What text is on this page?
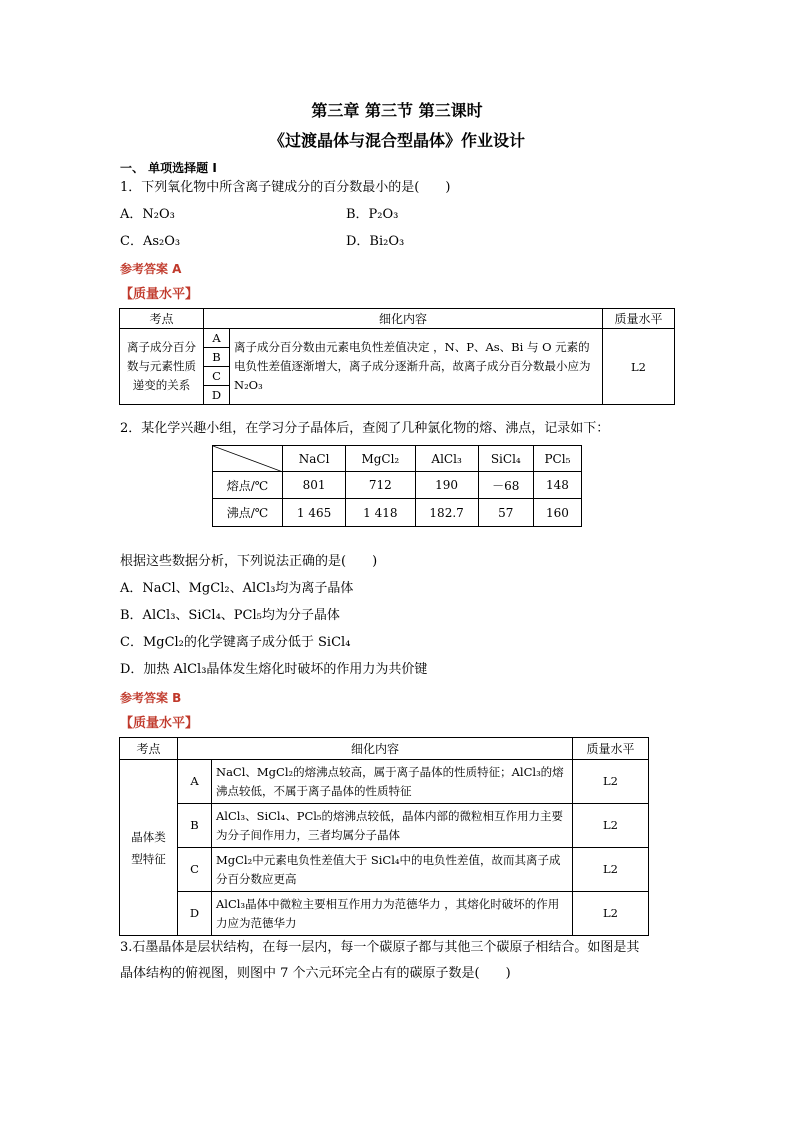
第三章 第三节 第三课时
《过渡晶体与混合型晶体》作业设计
一、 单项选择题 I
1．下列氧化物中所含离子键成分的百分数最小的是(　　)
A．N₂O₃	B．P₂O₃
C．As₂O₃	D．Bi₂O₃
参考答案 A
【质量水平】
考点	细化内容		质量水平
离子成分百分数与元素性质递变的关系	A	离子成分百分数由元素电负性差值决定 ，N、P、As、Bi 与 O 元素的电负性差值逐渐增大，离子成分逐渐升高，故离子成分百分数最小应为 N₂O₃	L2
	B		
	C		
	D		
2．某化学兴趣小组，在学习分子晶体后，查阅了几种氯化物的熔、沸点，记录如下：
	NaCl	MgCl₂	AlCl₃	SiCl₄	PCl₅
熔点/℃	801	712	190	－68	148
沸点/℃	1 465	1 418	182.7	57	160
根据这些数据分析，下列说法正确的是(　　)
A．NaCl、MgCl₂、AlCl₃均为离子晶体
B．AlCl₃、SiCl₄、PCl₅均为分子晶体
C．MgCl₂的化学键离子成分低于 SiCl₄
D．加热 AlCl₃晶体发生熔化时破坏的作用力为共价键
参考答案 B
【质量水平】
考点	细化内容		质量水平
晶体类型特征	A	NaCl、MgCl₂的熔沸点较高，属于离子晶体的性质特征；AlCl₃的熔沸点较低，不属于离子晶体的性质特征	L2
	B	AlCl₃、SiCl₄、PCl₅的熔沸点较低，晶体内部的微粒相互作用力主要为分子间作用力，三者均属分子晶体	L2
	C	MgCl₂中元素电负性差值大于 SiCl₄中的电负性差值，故而其离子成分百分数应更高	L2
	D	AlCl₃晶体中微粒主要相互作用力为范德华力 ，其熔化时破坏的作用力应为范德华力	L2
3.石墨晶体是层状结构，在每一层内，每一个碳原子都与其他三个碳原子相结合。如图是其
晶体结构的俯视图，则图中 7 个六元环完全占有的碳原子数是(　　)
